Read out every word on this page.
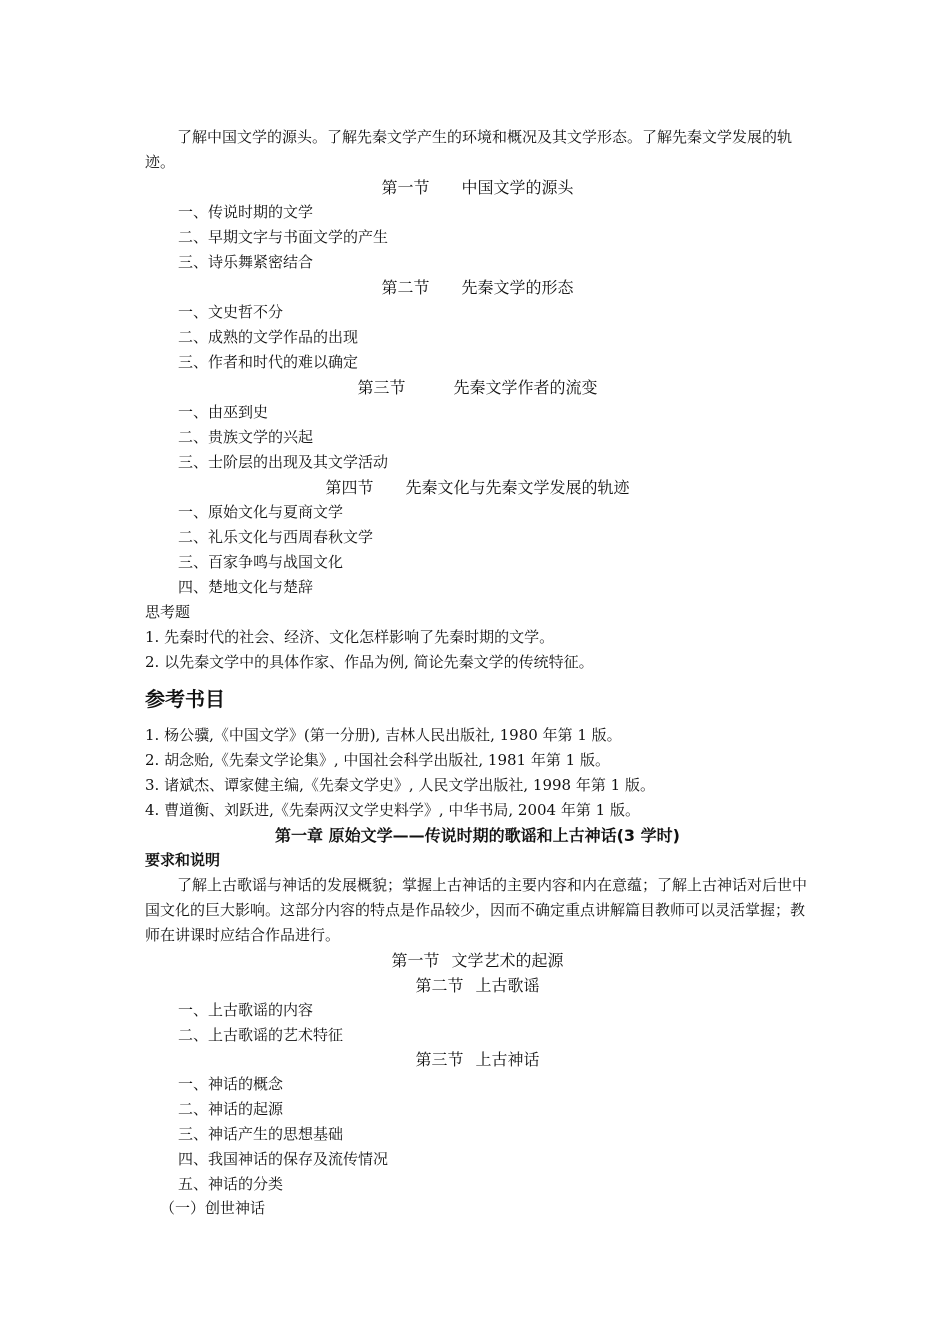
了解中国文学的源头。了解先秦文学产生的环境和概况及其文学形态。了解先秦文学发展的轨迹。

第一节 中国文学的源头
一、传说时期的文学
二、早期文字与书面文学的产生
三、诗乐舞紧密结合
第二节 先秦文学的形态
一、文史哲不分
二、成熟的文学作品的出现
三、作者和时代的难以确定
第三节	先秦文学作者的流变
一、由巫到史
二、贵族文学的兴起
三、士阶层的出现及其文学活动
第四节 先秦文化与先秦文学发展的轨迹
一、原始文化与夏商文学
二、礼乐文化与西周春秋文学
三、百家争鸣与战国文化
四、楚地文化与楚辞
思考题
1. 先秦时代的社会、经济、文化怎样影响了先秦时期的文学。
2. 以先秦文学中的具体作家、作品为例, 简论先秦文学的传统特征。
参考书目
1. 杨公骥,《中国文学》(第一分册), 吉林人民出版社, 1980 年第 1 版。
2. 胡念贻,《先秦文学论集》, 中国社会科学出版社, 1981 年第 1 版。
3. 诸斌杰、谭家健主编,《先秦文学史》, 人民文学出版社, 1998 年第 1 版。
4. 曹道衡、刘跃进,《先秦两汉文学史料学》, 中华书局, 2004 年第 1 版。
第一章 原始文学——传说时期的歌谣和上古神话(3 学时)
要求和说明

了解上古歌谣与神话的发展概貌；掌握上古神话的主要内容和内在意蕴；了解上古神话对后世中国文化的巨大影响。这部分内容的特点是作品较少，因而不确定重点讲解篇目教师可以灵活掌握；教师在讲课时应结合作品进行。

第一节 文学艺术的起源
第二节 上古歌谣
一、上古歌谣的内容
二、上古歌谣的艺术特征
第三节 上古神话
一、神话的概念
二、神话的起源
三、神话产生的思想基础
四、我国神话的保存及流传情况
五、神话的分类
（一）创世神话
